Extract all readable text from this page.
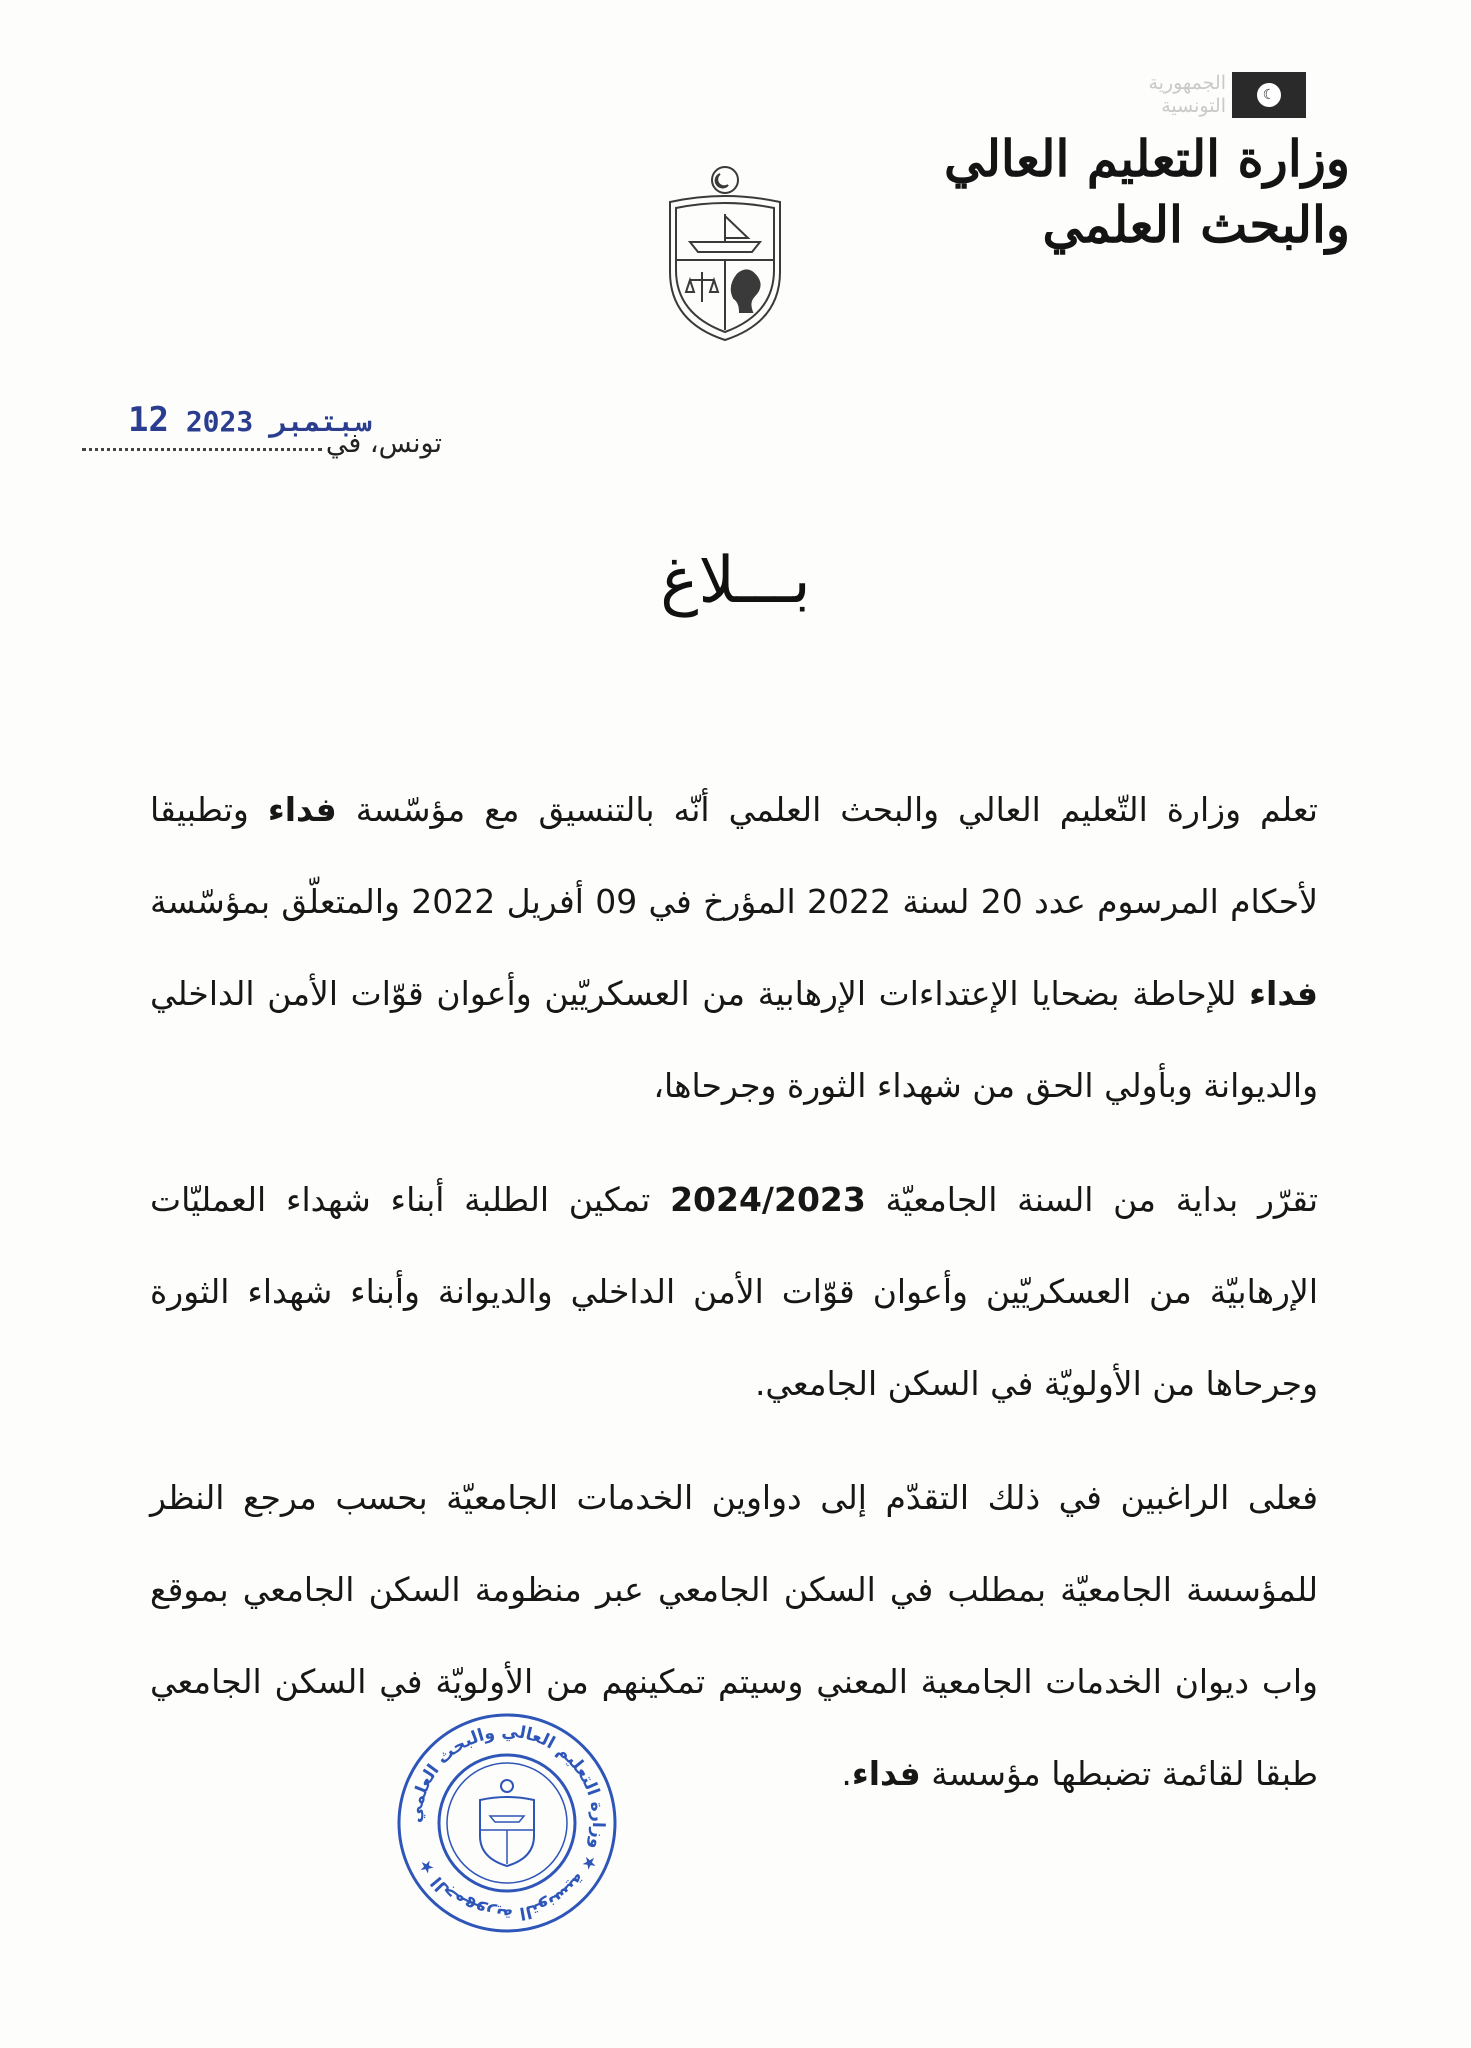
☾
الجمهورية
التونسية
وزارة التعليم العالي
والبحث العلمي
سبتمبر 2023 12
تونس، في
بـــلاغ

تعلم وزارة التّعليم العالي والبحث العلمي أنّه بالتنسيق مع مؤسّسة فداء وتطبيقا لأحكام المرسوم عدد 20 لسنة 2022 المؤرخ في 09 أفريل 2022 والمتعلّق بمؤسّسة فداء للإحاطة بضحايا الإعتداءات الإرهابية من العسكريّين وأعوان قوّات الأمن الداخلي والديوانة وبأولي الحق من شهداء الثورة وجرحاها،

تقرّر بداية من السنة الجامعيّة 2024/2023 تمكين الطلبة أبناء شهداء العمليّات الإرهابيّة من العسكريّين وأعوان قوّات الأمن الداخلي والديوانة وأبناء شهداء الثورة وجرحاها من الأولويّة في السكن الجامعي.

فعلى الراغبين في ذلك التقدّم إلى دواوين الخدمات الجامعيّة بحسب مرجع النظر للمؤسسة الجامعيّة بمطلب في السكن الجامعي عبر منظومة السكن الجامعي بموقع واب ديوان الخدمات الجامعية المعني وسيتم تمكينهم من الأولويّة في السكن الجامعي طبقا لقائمة تضبطها مؤسسة فداء.

الجمهورية التونسية ★ وزارة التعليم العالي والبحث العلمي ★
